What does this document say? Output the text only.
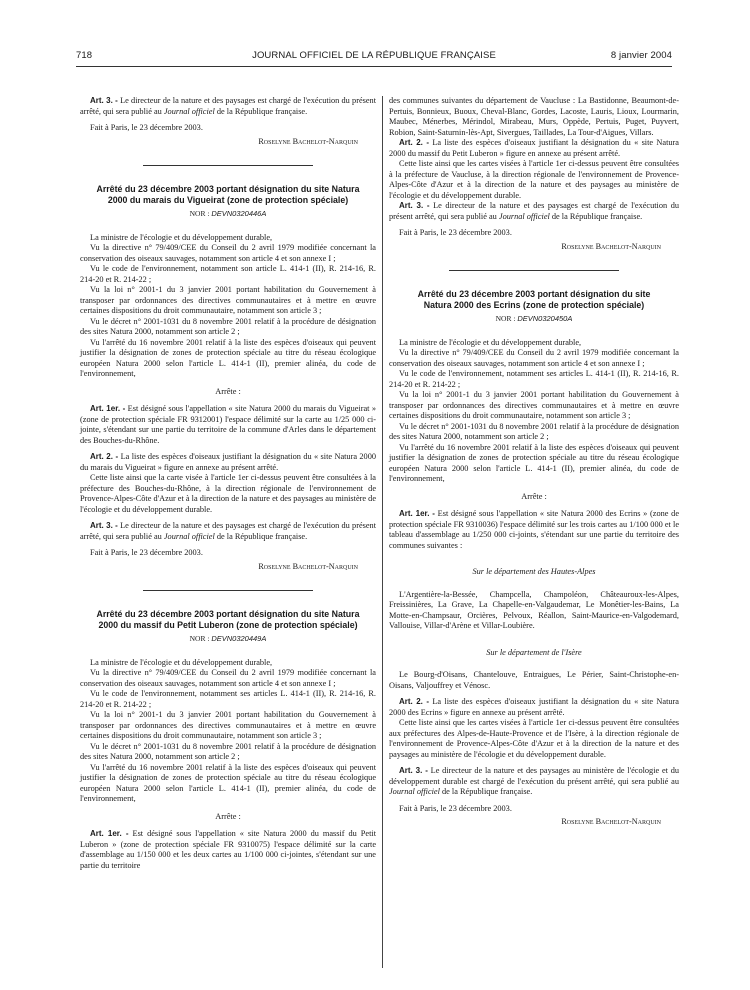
718	JOURNAL OFFICIEL DE LA RÉPUBLIQUE FRANÇAISE	8 janvier 2004

Art. 3. - Le directeur de la nature et des paysages est chargé de l'exécution du présent arrêté, qui sera publié au Journal officiel de la République française.

Fait à Paris, le 23 décembre 2003.

Roselyne Bachelot-Narquin
Arrêté du 23 décembre 2003 portant désignation du site Natura 2000 du marais du Vigueirat (zone de protection spéciale)
NOR : DEVN0320446A

La ministre de l'écologie et du développement durable,

Vu la directive n° 79/409/CEE du Conseil du 2 avril 1979 modifiée concernant la conservation des oiseaux sauvages, notamment son article 4 et son annexe I ;

Vu le code de l'environnement, notamment son article L. 414-1 (II), R. 214-16, R. 214-20 et R. 214-22 ;

Vu la loi n° 2001-1 du 3 janvier 2001 portant habilitation du Gouvernement à transposer par ordonnances des directives communautaires et à mettre en œuvre certaines dispositions du droit communautaire, notamment son article 3 ;

Vu le décret n° 2001-1031 du 8 novembre 2001 relatif à la procédure de désignation des sites Natura 2000, notamment son article 2 ;

Vu l'arrêté du 16 novembre 2001 relatif à la liste des espèces d'oiseaux qui peuvent justifier la désignation de zones de protection spéciale au titre du réseau écologique européen Natura 2000 selon l'article L. 414-1 (II), premier alinéa, du code de l'environnement,

Arrête :

Art. 1er. - Est désigné sous l'appellation « site Natura 2000 du marais du Vigueirat » (zone de protection spéciale FR 9312001) l'espace délimité sur la carte au 1/25 000 ci-jointe, s'étendant sur une partie du territoire de la commune d'Arles dans le département des Bouches-du-Rhône.

Art. 2. - La liste des espèces d'oiseaux justifiant la désignation du « site Natura 2000 du marais du Vigueirat » figure en annexe au présent arrêté.

Cette liste ainsi que la carte visée à l'article 1er ci-dessus peuvent être consultées à la préfecture des Bouches-du-Rhône, à la direction régionale de l'environnement de Provence-Alpes-Côte d'Azur et à la direction de la nature et des paysages au ministère de l'écologie et du développement durable.

Art. 3. - Le directeur de la nature et des paysages est chargé de l'exécution du présent arrêté, qui sera publié au Journal officiel de la République française.

Fait à Paris, le 23 décembre 2003.

Roselyne Bachelot-Narquin
Arrêté du 23 décembre 2003 portant désignation du site Natura 2000 du massif du Petit Luberon (zone de protection spéciale)
NOR : DEVN0320449A

La ministre de l'écologie et du développement durable,

Vu la directive n° 79/409/CEE du Conseil du 2 avril 1979 modifiée concernant la conservation des oiseaux sauvages, notamment son article 4 et son annexe I ;

Vu le code de l'environnement, notamment ses articles L. 414-1 (II), R. 214-16, R. 214-20 et R. 214-22 ;

Vu la loi n° 2001-1 du 3 janvier 2001 portant habilitation du Gouvernement à transposer par ordonnances des directives communautaires et à mettre en œuvre certaines dispositions du droit communautaire, notamment son article 3 ;

Vu le décret n° 2001-1031 du 8 novembre 2001 relatif à la procédure de désignation des sites Natura 2000, notamment son article 2 ;

Vu l'arrêté du 16 novembre 2001 relatif à la liste des espèces d'oiseaux qui peuvent justifier la désignation de zones de protection spéciale au titre du réseau écologique européen Natura 2000 selon l'article L. 414-1 (II), premier alinéa, du code de l'environnement,

Arrête :

Art. 1er. - Est désigné sous l'appellation « site Natura 2000 du massif du Petit Luberon » (zone de protection spéciale FR 9310075) l'espace délimité sur la carte d'assemblage au 1/150 000 et les deux cartes au 1/100 000 ci-jointes, s'étendant sur une partie du territoire

des communes suivantes du département de Vaucluse : La Bastidonne, Beaumont-de-Pertuis, Bonnieux, Buoux, Cheval-Blanc, Gordes, Lacoste, Lauris, Lioux, Lourmarin, Maubec, Ménerbes, Mérindol, Mirabeau, Murs, Oppède, Pertuis, Puget, Puyvert, Robion, Saint-Saturnin-lès-Apt, Sivergues, Taillades, La Tour-d'Aigues, Villars.

Art. 2. - La liste des espèces d'oiseaux justifiant la désignation du « site Natura 2000 du massif du Petit Luberon » figure en annexe au présent arrêté.

Cette liste ainsi que les cartes visées à l'article 1er ci-dessus peuvent être consultées à la préfecture de Vaucluse, à la direction régionale de l'environnement de Provence-Alpes-Côte d'Azur et à la direction de la nature et des paysages au ministère de l'écologie et du développement durable.

Art. 3. - Le directeur de la nature et des paysages est chargé de l'exécution du présent arrêté, qui sera publié au Journal officiel de la République française.

Fait à Paris, le 23 décembre 2003.

Roselyne Bachelot-Narquin
Arrêté du 23 décembre 2003 portant désignation du site Natura 2000 des Ecrins (zone de protection spéciale)
NOR : DEVN0320450A

La ministre de l'écologie et du développement durable,

Vu la directive n° 79/409/CEE du Conseil du 2 avril 1979 modifiée concernant la conservation des oiseaux sauvages, notamment son article 4 et son annexe I ;

Vu le code de l'environnement, notamment ses articles L. 414-1 (II), R. 214-16, R. 214-20 et R. 214-22 ;

Vu la loi n° 2001-1 du 3 janvier 2001 portant habilitation du Gouvernement à transposer par ordonnances des directives communautaires et à mettre en œuvre certaines dispositions du droit communautaire, notamment son article 3 ;

Vu le décret n° 2001-1031 du 8 novembre 2001 relatif à la procédure de désignation des sites Natura 2000, notamment son article 2 ;

Vu l'arrêté du 16 novembre 2001 relatif à la liste des espèces d'oiseaux qui peuvent justifier la désignation de zones de protection spéciale au titre du réseau écologique européen Natura 2000 selon l'article L. 414-1 (II), premier alinéa, du code de l'environnement,

Arrête :

Art. 1er. - Est désigné sous l'appellation « site Natura 2000 des Ecrins » (zone de protection spéciale FR 9310036) l'espace délimité sur les trois cartes au 1/100 000 et le tableau d'assemblage au 1/250 000 ci-joints, s'étendant sur une partie du territoire des communes suivantes :

Sur le département des Hautes-Alpes

L'Argentière-la-Bessée, Champcella, Champoléon, Châteauroux-les-Alpes, Freissinières, La Grave, La Chapelle-en-Valgaudemar, Le Monêtier-les-Bains, La Motte-en-Champsaur, Orcières, Pelvoux, Réallon, Saint-Maurice-en-Valgodemard, Vallouise, Villar-d'Arène et Villar-Loubière.

Sur le département de l'Isère

Le Bourg-d'Oisans, Chantelouve, Entraigues, Le Périer, Saint-Christophe-en-Oisans, Valjouffrey et Vénosc.

Art. 2. - La liste des espèces d'oiseaux justifiant la désignation du « site Natura 2000 des Ecrins » figure en annexe au présent arrêté.

Cette liste ainsi que les cartes visées à l'article 1er ci-dessus peuvent être consultées aux préfectures des Alpes-de-Haute-Provence et de l'Isère, à la direction régionale de l'environnement de Provence-Alpes-Côte d'Azur et à la direction de la nature et des paysages au ministère de l'écologie et du développement durable.

Art. 3. - Le directeur de la nature et des paysages au ministère de l'écologie et du développement durable est chargé de l'exécution du présent arrêté, qui sera publié au Journal officiel de la République française.

Fait à Paris, le 23 décembre 2003.

Roselyne Bachelot-Narquin
